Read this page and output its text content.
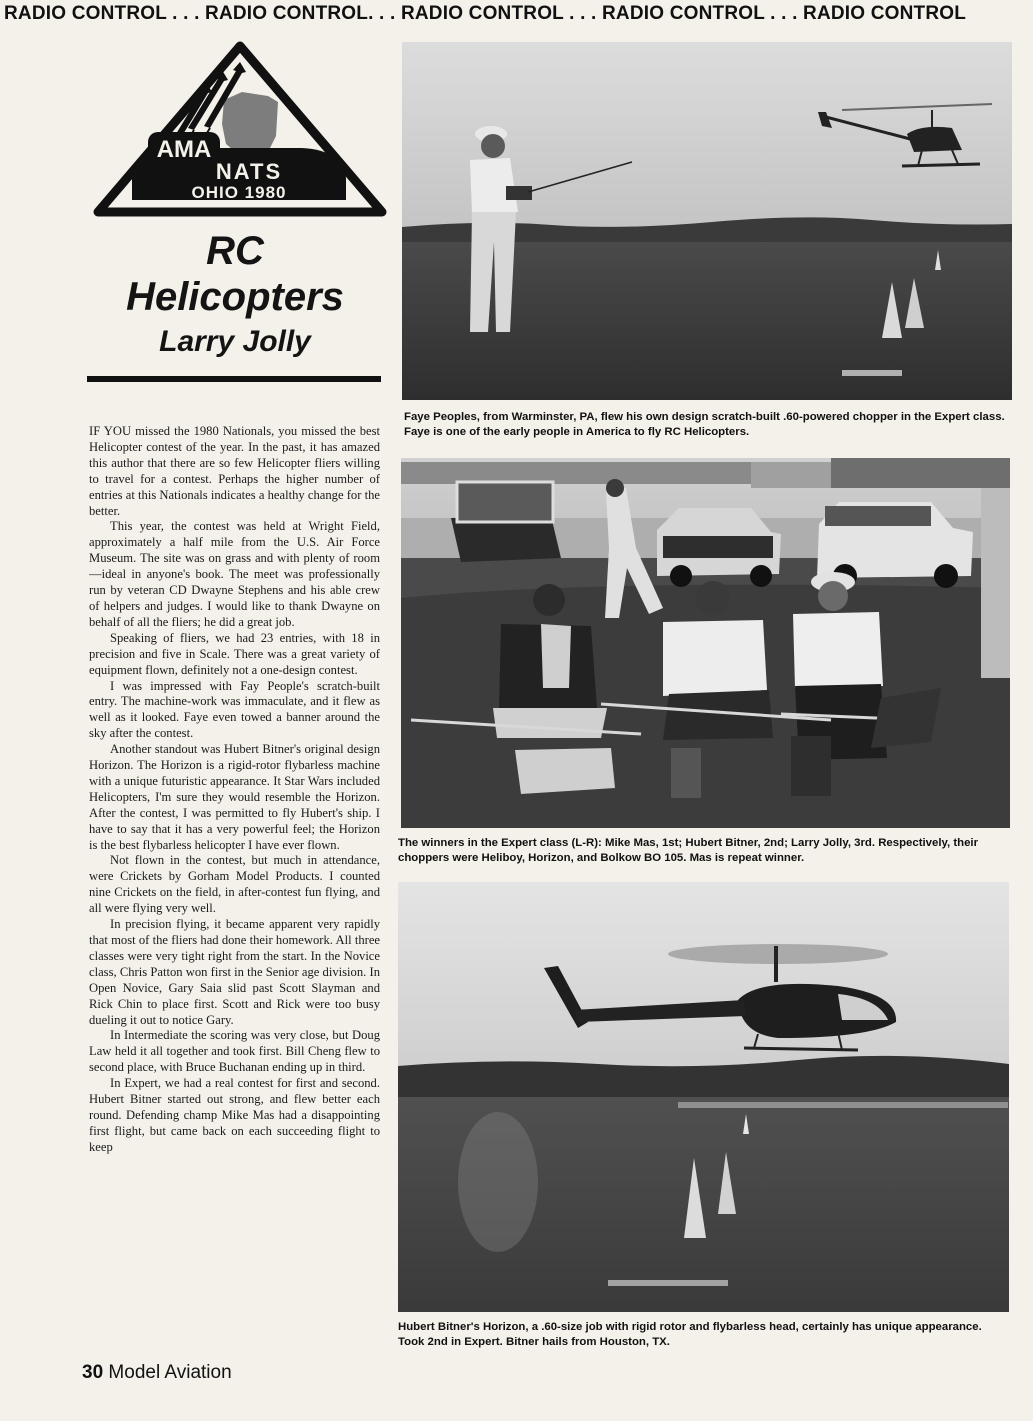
RADIO CONTROL . . . RADIO CONTROL. . . RADIO CONTROL . . . RADIO CONTROL . . . RADIO CONTROL
AMA
NATS
OHIO 1980
RC
Helicopters
Larry Jolly

IF YOU missed the 1980 Nationals, you missed the best Helicopter contest of the year. In the past, it has amazed this author that there are so few Helicopter fliers willing to travel for a contest. Perhaps the higher number of entries at this Nationals indicates a healthy change for the better.

This year, the contest was held at Wright Field, approximately a half mile from the U.S. Air Force Museum. The site was on grass and with plenty of room—ideal in anyone's book. The meet was professionally run by veteran CD Dwayne Stephens and his able crew of helpers and judges. I would like to thank Dwayne on behalf of all the fliers; he did a great job.

Speaking of fliers, we had 23 entries, with 18 in precision and five in Scale. There was a great variety of equipment flown, definitely not a one-design contest.

I was impressed with Fay People's scratch-built entry. The machine-work was immaculate, and it flew as well as it looked. Faye even towed a banner around the sky after the contest.

Another standout was Hubert Bitner's original design Horizon. The Horizon is a rigid-rotor flybarless machine with a unique futuristic appearance. It Star Wars included Helicopters, I'm sure they would resemble the Horizon. After the contest, I was permitted to fly Hubert's ship. I have to say that it has a very powerful feel; the Horizon is the best flybarless helicopter I have ever flown.

Not flown in the contest, but much in attendance, were Crickets by Gorham Model Products. I counted nine Crickets on the field, in after-contest fun flying, and all were flying very well.

In precision flying, it became apparent very rapidly that most of the fliers had done their homework. All three classes were very tight right from the start. In the Novice class, Chris Patton won first in the Senior age division. In Open Novice, Gary Saia slid past Scott Slayman and Rick Chin to place first. Scott and Rick were too busy dueling it out to notice Gary.

In Intermediate the scoring was very close, but Doug Law held it all together and took first. Bill Cheng flew to second place, with Bruce Buchanan ending up in third.

In Expert, we had a real contest for first and second. Hubert Bitner started out strong, and flew better each round. Defending champ Mike Mas had a disappointing first flight, but came back on each succeeding flight to keep

Faye Peoples, from Warminster, PA, flew his own design scratch-built .60-powered chopper in the Expert class. Faye is one of the early people in America to fly RC Helicopters.
The winners in the Expert class (L-R): Mike Mas, 1st; Hubert Bitner, 2nd; Larry Jolly, 3rd. Respectively, their choppers were Heliboy, Horizon, and Bolkow BO 105. Mas is repeat winner.
Hubert Bitner's Horizon, a .60-size job with rigid rotor and flybarless head, certainly has unique appearance. Took 2nd in Expert. Bitner hails from Houston, TX.
30 Model Aviation
